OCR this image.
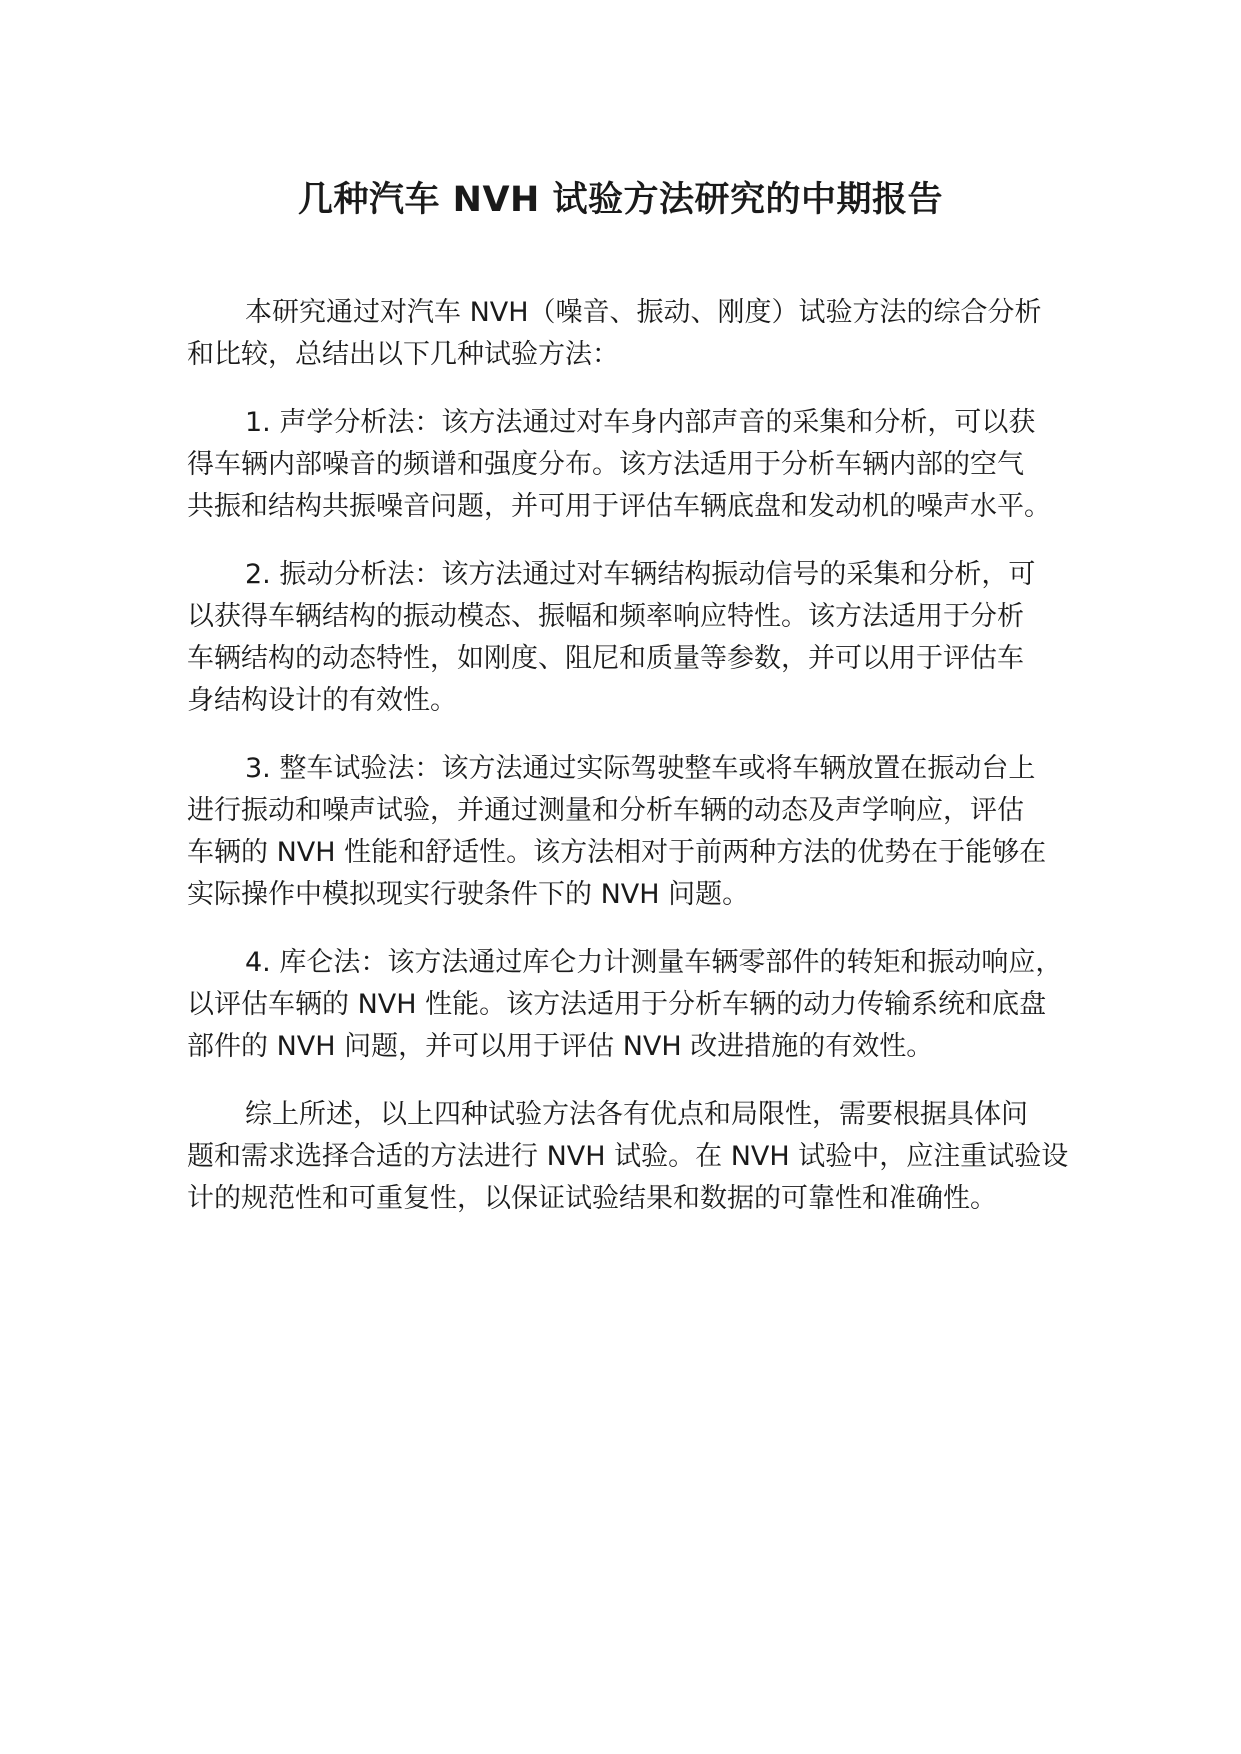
几种汽车 NVH 试验方法研究的中期报告

本研究通过对汽车 NVH（噪音、振动、刚度）试验方法的综合分析
和比较，总结出以下几种试验方法：

1. 声学分析法：该方法通过对车身内部声音的采集和分析，可以获
得车辆内部噪音的频谱和强度分布。该方法适用于分析车辆内部的空气
共振和结构共振噪音问题，并可用于评估车辆底盘和发动机的噪声水平。

2. 振动分析法：该方法通过对车辆结构振动信号的采集和分析，可
以获得车辆结构的振动模态、振幅和频率响应特性。该方法适用于分析
车辆结构的动态特性，如刚度、阻尼和质量等参数，并可以用于评估车
身结构设计的有效性。

3. 整车试验法：该方法通过实际驾驶整车或将车辆放置在振动台上
进行振动和噪声试验，并通过测量和分析车辆的动态及声学响应，评估
车辆的 NVH 性能和舒适性。该方法相对于前两种方法的优势在于能够在
实际操作中模拟现实行驶条件下的 NVH 问题。

4. 库仑法：该方法通过库仑力计测量车辆零部件的转矩和振动响应，
以评估车辆的 NVH 性能。该方法适用于分析车辆的动力传输系统和底盘
部件的 NVH 问题，并可以用于评估 NVH 改进措施的有效性。

综上所述，以上四种试验方法各有优点和局限性，需要根据具体问
题和需求选择合适的方法进行 NVH 试验。在 NVH 试验中，应注重试验设
计的规范性和可重复性，以保证试验结果和数据的可靠性和准确性。
